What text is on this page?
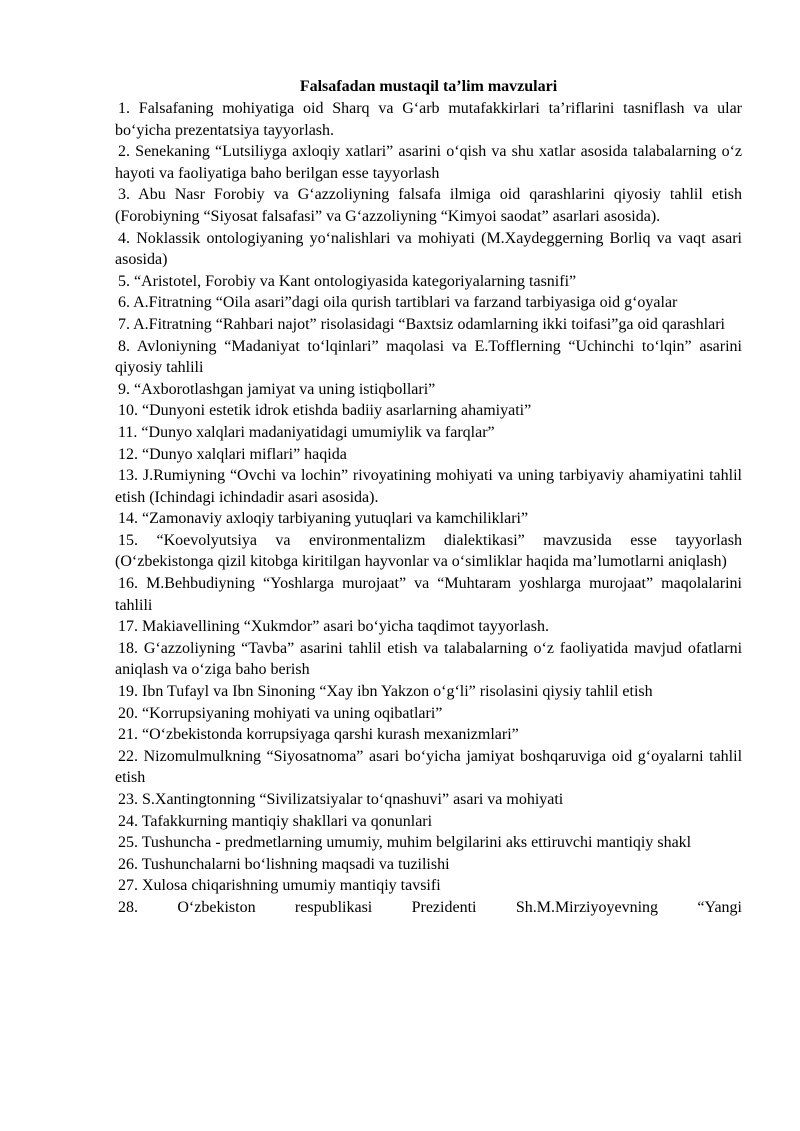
Falsafadan mustaqil ta’lim mavzulari
1. Falsafaning mohiyatiga oid Sharq va G‘arb mutafakkirlari ta’riflarini tasniflash va ular bo‘yicha prezentatsiya tayyorlash.
2. Senekaning “Lutsiliyga axloqiy xatlari” asarini o‘qish va shu xatlar asosida talabalarning o‘z hayoti va faoliyatiga baho berilgan esse tayyorlash
3. Abu Nasr Forobiy va G‘azzoliyning falsafa ilmiga oid qarashlarini qiyosiy tahlil etish (Forobiyning “Siyosat falsafasi” va G‘azzoliyning “Kimyoi saodat” asarlari asosida).
4. Noklassik ontologiyaning yo‘nalishlari va mohiyati (M.Xaydeggerning Borliq va vaqt asari asosida)
5. “Aristotel, Forobiy va Kant ontologiyasida kategoriyalarning tasnifi”
6. A.Fitratning “Oila asari”dagi oila qurish tartiblari va farzand tarbiyasiga oid g‘oyalar
7. A.Fitratning “Rahbari najot” risolasidagi “Baxtsiz odamlarning ikki toifasi”ga oid qarashlari
8. Avloniyning “Madaniyat to‘lqinlari” maqolasi va E.Tofflerning “Uchinchi to‘lqin” asarini qiyosiy tahlili
9. “Axborotlashgan jamiyat va uning istiqbollari”
10. “Dunyoni estetik idrok etishda badiiy asarlarning ahamiyati”
11. “Dunyo xalqlari madaniyatidagi umumiylik va farqlar”
12. “Dunyo xalqlari miflari” haqida
13. J.Rumiyning “Ovchi va lochin” rivoyatining mohiyati va uning tarbiyaviy ahamiyatini tahlil etish (Ichindagi ichindadir asari asosida).
14. “Zamonaviy axloqiy tarbiyaning yutuqlari va kamchiliklari”
15. “Koevolyutsiya va environmentalizm dialektikasi” mavzusida esse tayyorlash (O‘zbekistonga qizil kitobga kiritilgan hayvonlar va o‘simliklar haqida ma’lumotlarni aniqlash)
16. M.Behbudiyning “Yoshlarga murojaat” va “Muhtaram yoshlarga murojaat” maqolalarini tahlili
17. Makiavellining “Xukmdor” asari bo‘yicha taqdimot tayyorlash.
18. G‘azzoliyning “Tavba” asarini tahlil etish va talabalarning o‘z faoliyatida mavjud ofatlarni aniqlash va o‘ziga baho berish
19. Ibn Tufayl va Ibn Sinoning “Xay ibn Yakzon o‘g‘li” risolasini qiysiy tahlil etish
20. “Korrupsiyaning mohiyati va uning oqibatlari”
21. “O‘zbekistonda korrupsiyaga qarshi kurash mexanizmlari”
22. Nizomulmulkning “Siyosatnoma” asari bo‘yicha jamiyat boshqaruviga oid g‘oyalarni tahlil etish
23. S.Xantingtonning “Sivilizatsiyalar to‘qnashuvi” asari va mohiyati
24. Tafakkurning mantiqiy shakllari va qonunlari
25. Tushuncha - predmetlarning umumiy, muhim belgilarini aks ettiruvchi mantiqiy shakl
26. Tushunchalarni bo‘lishning maqsadi va tuzilishi
27. Xulosa chiqarishning umumiy mantiqiy tavsifi
28. O‘zbekiston respublikasi Prezidenti Sh.M.Mirziyoyevning “Yangi
